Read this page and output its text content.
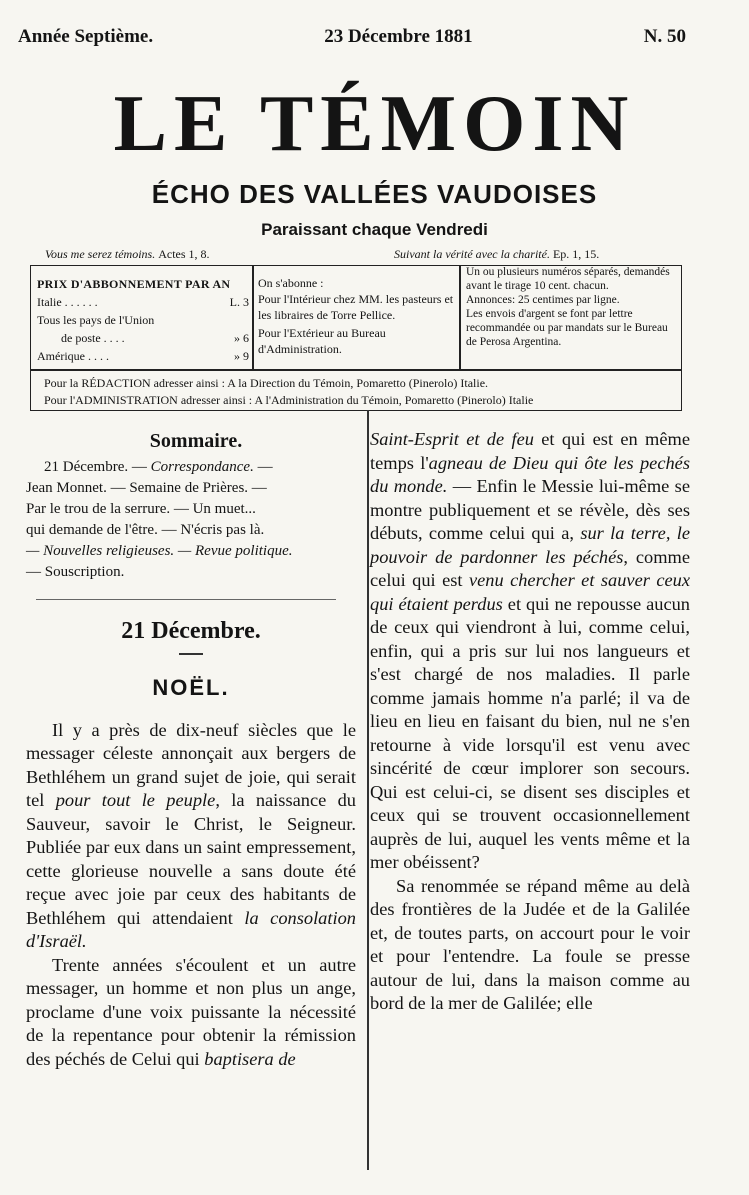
Année Septième.	23 Décembre 1881	N. 50
LE TÉMOIN
ÉCHO DES VALLÉES VAUDOISES
Paraissant chaque Vendredi
Vous me serez témoins. Actes 1, 8.	Suivant la vérité avec la charité. Ep. 1, 15.
PRIX D'ABBONNEMENT PAR AN
Italie . . . . . .	L. 3
Tous les pays de l'Union
de poste . . . .	» 6
Amérique . . . .	» 9
On s'abonne :
Pour l'Intérieur chez MM. les pasteurs et les libraires de Torre Pellice.
Pour l'Extérieur au Bureau d'Administration.
Un ou plusieurs numéros séparés, demandés avant le tirage 10 cent. chacun.
Annonces: 25 centimes par ligne.
Les envois d'argent se font par lettre recommandée ou par mandats sur le Bureau de Perosa Argentina.
Pour la RÉDACTION adresser ainsi : A la Direction du Témoin, Pomaretto (Pinerolo) Italie.
Pour l'ADMINISTRATION adresser ainsi : A l'Administration du Témoin, Pomaretto (Pinerolo) Italie
Sommaire.
21 Décembre. — Correspondance. —
Jean Monnet. — Semaine de Prières. —
Par le trou de la serrure. — Un muet...
qui demande de l'être. — N'écris pas là.
— Nouvelles religieuses. — Revue politique.
— Souscription.
21 Décembre.
NOËL.
Il y a près de dix-neuf siècles que le messager céleste annonçait aux bergers de Bethléhem un grand sujet de joie, qui serait tel pour tout le peuple, la naissance du Sauveur, savoir le Christ, le Seigneur. Publiée par eux dans un saint empressement, cette glorieuse nouvelle a sans doute été reçue avec joie par ceux des habitants de Bethléhem qui attendaient la consolation d'Israël.
Trente années s'écoulent et un autre messager, un homme et non plus un ange, proclame d'une voix puissante la nécessité de la repentance pour obtenir la rémission des péchés de Celui qui baptisera de
Saint-Esprit et de feu et qui est en même temps l'agneau de Dieu qui ôte les pechés du monde. — Enfin le Messie lui-même se montre publiquement et se révèle, dès ses débuts, comme celui qui a, sur la terre, le pouvoir de pardonner les péchés, comme celui qui est venu chercher et sauver ceux qui étaient perdus et qui ne repousse aucun de ceux qui viendront à lui, comme celui, enfin, qui a pris sur lui nos langueurs et s'est chargé de nos maladies. Il parle comme jamais homme n'a parlé; il va de lieu en lieu en faisant du bien, nul ne s'en retourne à vide lorsqu'il est venu avec sincérité de cœur implorer son secours. Qui est celui-ci, se disent ses disciples et ceux qui se trouvent occasionnellement auprès de lui, auquel les vents même et la mer obéissent?
Sa renommée se répand même au delà des frontières de la Judée et de la Galilée et, de toutes parts, on accourt pour le voir et pour l'entendre. La foule se presse autour de lui, dans la maison comme au bord de la mer de Galilée; elle
